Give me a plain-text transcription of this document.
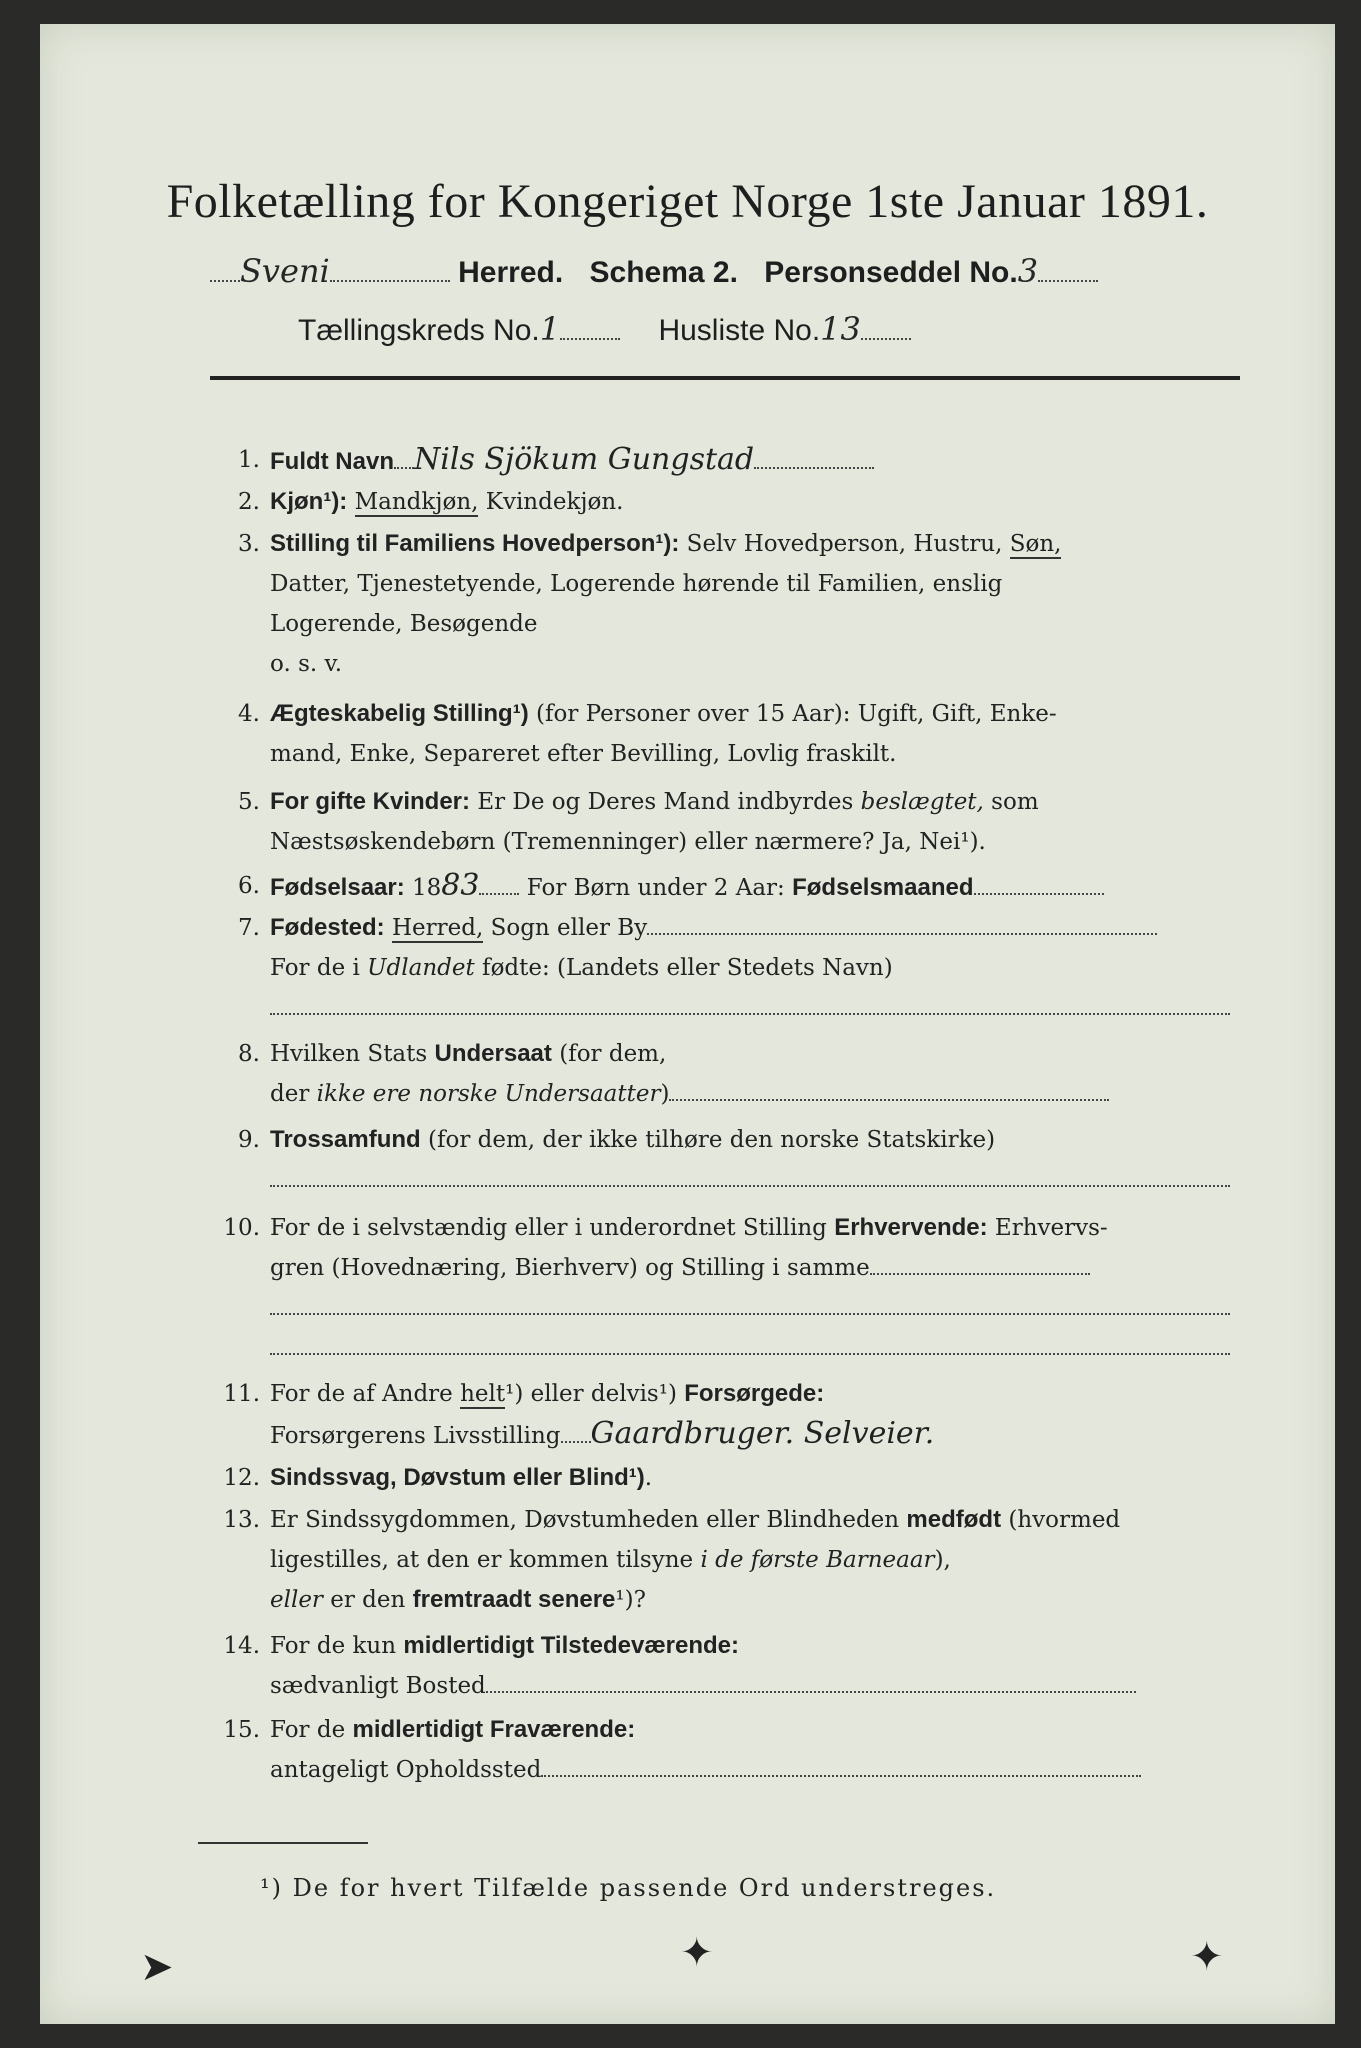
Folketælling for Kongeriget Norge 1ste Januar 1891.
Sveni	Herred. Schema 2. Personseddel No.3
Tællingskreds No.1	Husliste No.13
1. Fuldt Navn Nils Sjökum Gungstad
2. Kjøn¹): Mandkjøn, Kvindekjøn.
3. Stilling til Familiens Hovedperson¹): Selv Hovedperson, Hustru, Søn,
Datter, Tjenestetyende, Logerende hørende til Familien, enslig
Logerende, Besøgende
o. s. v.
4. Ægteskabelig Stilling¹) (for Personer over 15 Aar): Ugift, Gift, Enke-
mand, Enke, Separeret efter Bevilling, Lovlig fraskilt.
5. For gifte Kvinder: Er De og Deres Mand indbyrdes beslægtet, som
Næstsøskendebørn (Tremenninger) eller nærmere? Ja, Nei¹).
6. Fødselsaar: 1883 For Børn under 2 Aar: Fødselsmaaned
7. Fødested: Herred, Sogn eller By
For de i Udlandet fødte: (Landets eller Stedets Navn)

8. Hvilken Stats Undersaat (for dem,
der ikke ere norske Undersaatter)
9. Trossamfund (for dem, der ikke tilhøre den norske Statskirke)

10. For de i selvstændig eller i underordnet Stilling Erhvervende: Erhvervs-
gren (Hovednæring, Bierhverv) og Stilling i samme

11. For de af Andre helt¹) eller delvis¹) Forsørgede:
Forsørgerens Livsstilling Gaardbruger. Selveier.
12. Sindssvag, Døvstum eller Blind¹).
13. Er Sindssygdommen, Døvstumheden eller Blindheden medfødt (hvormed
ligestilles, at den er kommen tilsyne i de første Barneaar),
eller er den fremtraadt senere¹)?
14. For de kun midlertidigt Tilstedeværende:
sædvanligt Bosted
15. For de midlertidigt Fraværende:
antageligt Opholdssted
¹) De for hvert Tilfælde passende Ord understreges.
➤	✦	✦
